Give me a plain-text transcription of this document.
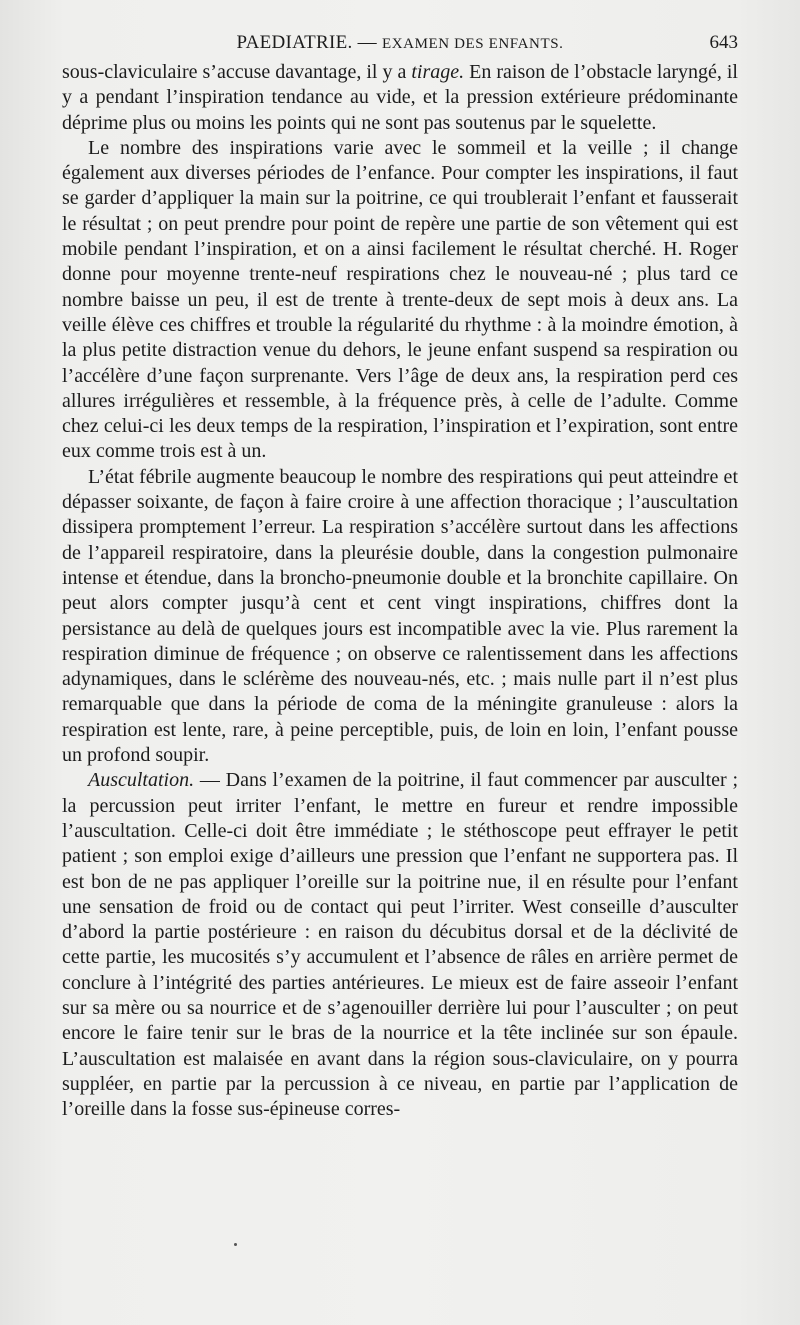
PAEDIATRIE. — EXAMEN DES ENFANTS.	643

sous-claviculaire s’accuse davantage, il y a tirage. En raison de l’obstacle laryngé, il y a pendant l’inspiration tendance au vide, et la pression extérieure prédominante déprime plus ou moins les points qui ne sont pas soutenus par le squelette.

Le nombre des inspirations varie avec le sommeil et la veille ; il change également aux diverses périodes de l’enfance. Pour compter les inspirations, il faut se garder d’appliquer la main sur la poitrine, ce qui troublerait l’enfant et fausserait le résultat ; on peut prendre pour point de repère une partie de son vêtement qui est mobile pendant l’inspiration, et on a ainsi facilement le résultat cherché. H. Roger donne pour moyenne trente-neuf respirations chez le nouveau-né ; plus tard ce nombre baisse un peu, il est de trente à trente-deux de sept mois à deux ans. La veille élève ces chiffres et trouble la régularité du rhythme : à la moindre émotion, à la plus petite distraction venue du dehors, le jeune enfant suspend sa respiration ou l’accélère d’une façon surprenante. Vers l’âge de deux ans, la respiration perd ces allures irrégulières et ressemble, à la fréquence près, à celle de l’adulte. Comme chez celui-ci les deux temps de la respiration, l’inspiration et l’expiration, sont entre eux comme trois est à un.

L’état fébrile augmente beaucoup le nombre des respirations qui peut atteindre et dépasser soixante, de façon à faire croire à une affection thoracique ; l’auscultation dissipera promptement l’erreur. La respiration s’accélère surtout dans les affections de l’appareil respiratoire, dans la pleurésie double, dans la congestion pulmonaire intense et étendue, dans la broncho-pneumonie double et la bronchite capillaire. On peut alors compter jusqu’à cent et cent vingt inspirations, chiffres dont la persistance au delà de quelques jours est incompatible avec la vie. Plus rarement la respiration diminue de fréquence ; on observe ce ralentissement dans les affections adynamiques, dans le sclérème des nouveau-nés, etc. ; mais nulle part il n’est plus remarquable que dans la période de coma de la méningite granuleuse : alors la respiration est lente, rare, à peine perceptible, puis, de loin en loin, l’enfant pousse un profond soupir.

Auscultation. — Dans l’examen de la poitrine, il faut commencer par ausculter ; la percussion peut irriter l’enfant, le mettre en fureur et rendre impossible l’auscultation. Celle-ci doit être immédiate ; le stéthoscope peut effrayer le petit patient ; son emploi exige d’ailleurs une pression que l’enfant ne supportera pas. Il est bon de ne pas appliquer l’oreille sur la poitrine nue, il en résulte pour l’enfant une sensation de froid ou de contact qui peut l’irriter. West conseille d’ausculter d’abord la partie postérieure : en raison du décubitus dorsal et de la déclivité de cette partie, les mucosités s’y accumulent et l’absence de râles en arrière permet de conclure à l’intégrité des parties antérieures. Le mieux est de faire asseoir l’enfant sur sa mère ou sa nourrice et de s’agenouiller derrière lui pour l’ausculter ; on peut encore le faire tenir sur le bras de la nourrice et la tête inclinée sur son épaule. L’auscultation est malaisée en avant dans la région sous-claviculaire, on y pourra suppléer, en partie par la percussion à ce niveau, en partie par l’application de l’oreille dans la fosse sus-épineuse corres-
